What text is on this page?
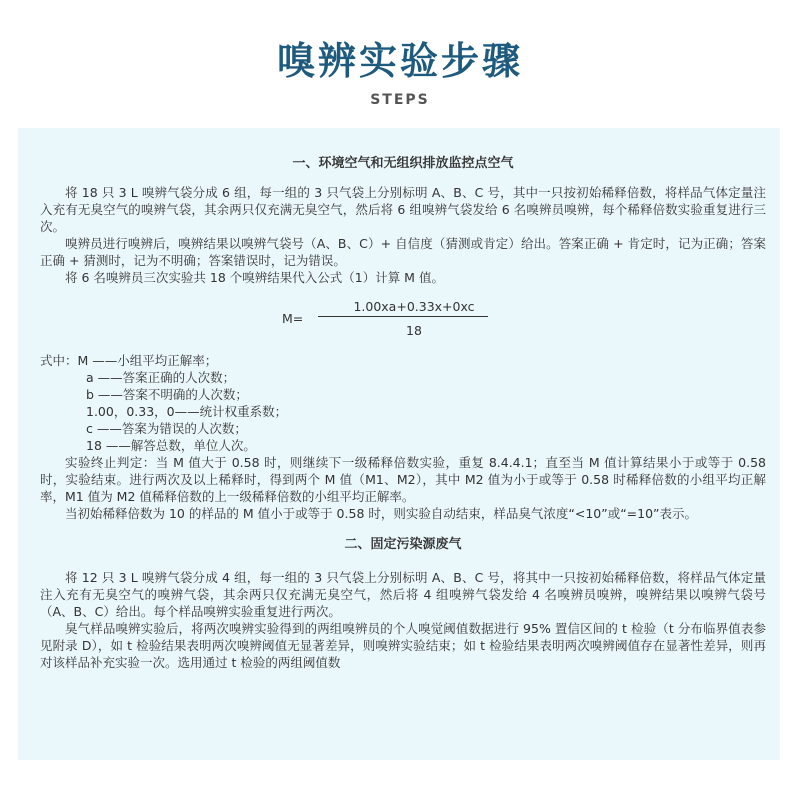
嗅辨实验步骤
STEPS
一、环境空气和无组织排放监控点空气

将 18 只 3 L 嗅辨气袋分成 6 组，每一组的 3 只气袋上分别标明 A、B、C 号，其中一只按初始稀释倍数，将样品气体定量注入充有无臭空气的嗅辨气袋，其余两只仅充满无臭空气，然后将 6 组嗅辨气袋发给 6 名嗅辨员嗅辨，每个稀释倍数实验重复进行三次。

嗅辨员进行嗅辨后，嗅辨结果以嗅辨气袋号（A、B、C）+ 自信度（猜测或肯定）给出。答案正确 + 肯定时，记为正确；答案正确 + 猜测时，记为不明确；答案错误时，记为错误。

将 6 名嗅辨员三次实验共 18 个嗅辨结果代入公式（1）计算 M 值。

M=
1.00xa+0.33x+0xc
18

式中：M ——小组平均正解率；

a ——答案正确的人次数；

b ——答案不明确的人次数；

1.00，0.33，0——统计权重系数；

c ——答案为错误的人次数；

18 ——解答总数，单位人次。

实验终止判定：当 M 值大于 0.58 时，则继续下一级稀释倍数实验，重复 8.4.4.1；直至当 M 值计算结果小于或等于 0.58 时，实验结束。进行两次及以上稀释时，得到两个 M 值（M1、M2），其中 M2 值为小于或等于 0.58 时稀释倍数的小组平均正解率，M1 值为 M2 值稀释倍数的上一级稀释倍数的小组平均正解率。

当初始稀释倍数为 10 的样品的 M 值小于或等于 0.58 时，则实验自动结束，样品臭气浓度“<10”或“=10”表示。

二、固定污染源废气

将 12 只 3 L 嗅辨气袋分成 4 组，每一组的 3 只气袋上分别标明 A、B、C 号，将其中一只按初始稀释倍数，将样品气体定量注入充有无臭空气的嗅辨气袋，其余两只仅充满无臭空气，然后将 4 组嗅辨气袋发给 4 名嗅辨员嗅辨，嗅辨结果以嗅辨气袋号（A、B、C）给出。每个样品嗅辨实验重复进行两次。

臭气样品嗅辨实验后，将两次嗅辨实验得到的两组嗅辨员的个人嗅觉阈值数据进行 95% 置信区间的 t 检验（t 分布临界值表参见附录 D），如 t 检验结果表明两次嗅辨阈值无显著差异，则嗅辨实验结束；如 t 检验结果表明两次嗅辨阈值存在显著性差异，则再对该样品补充实验一次。选用通过 t 检验的两组阈值数
